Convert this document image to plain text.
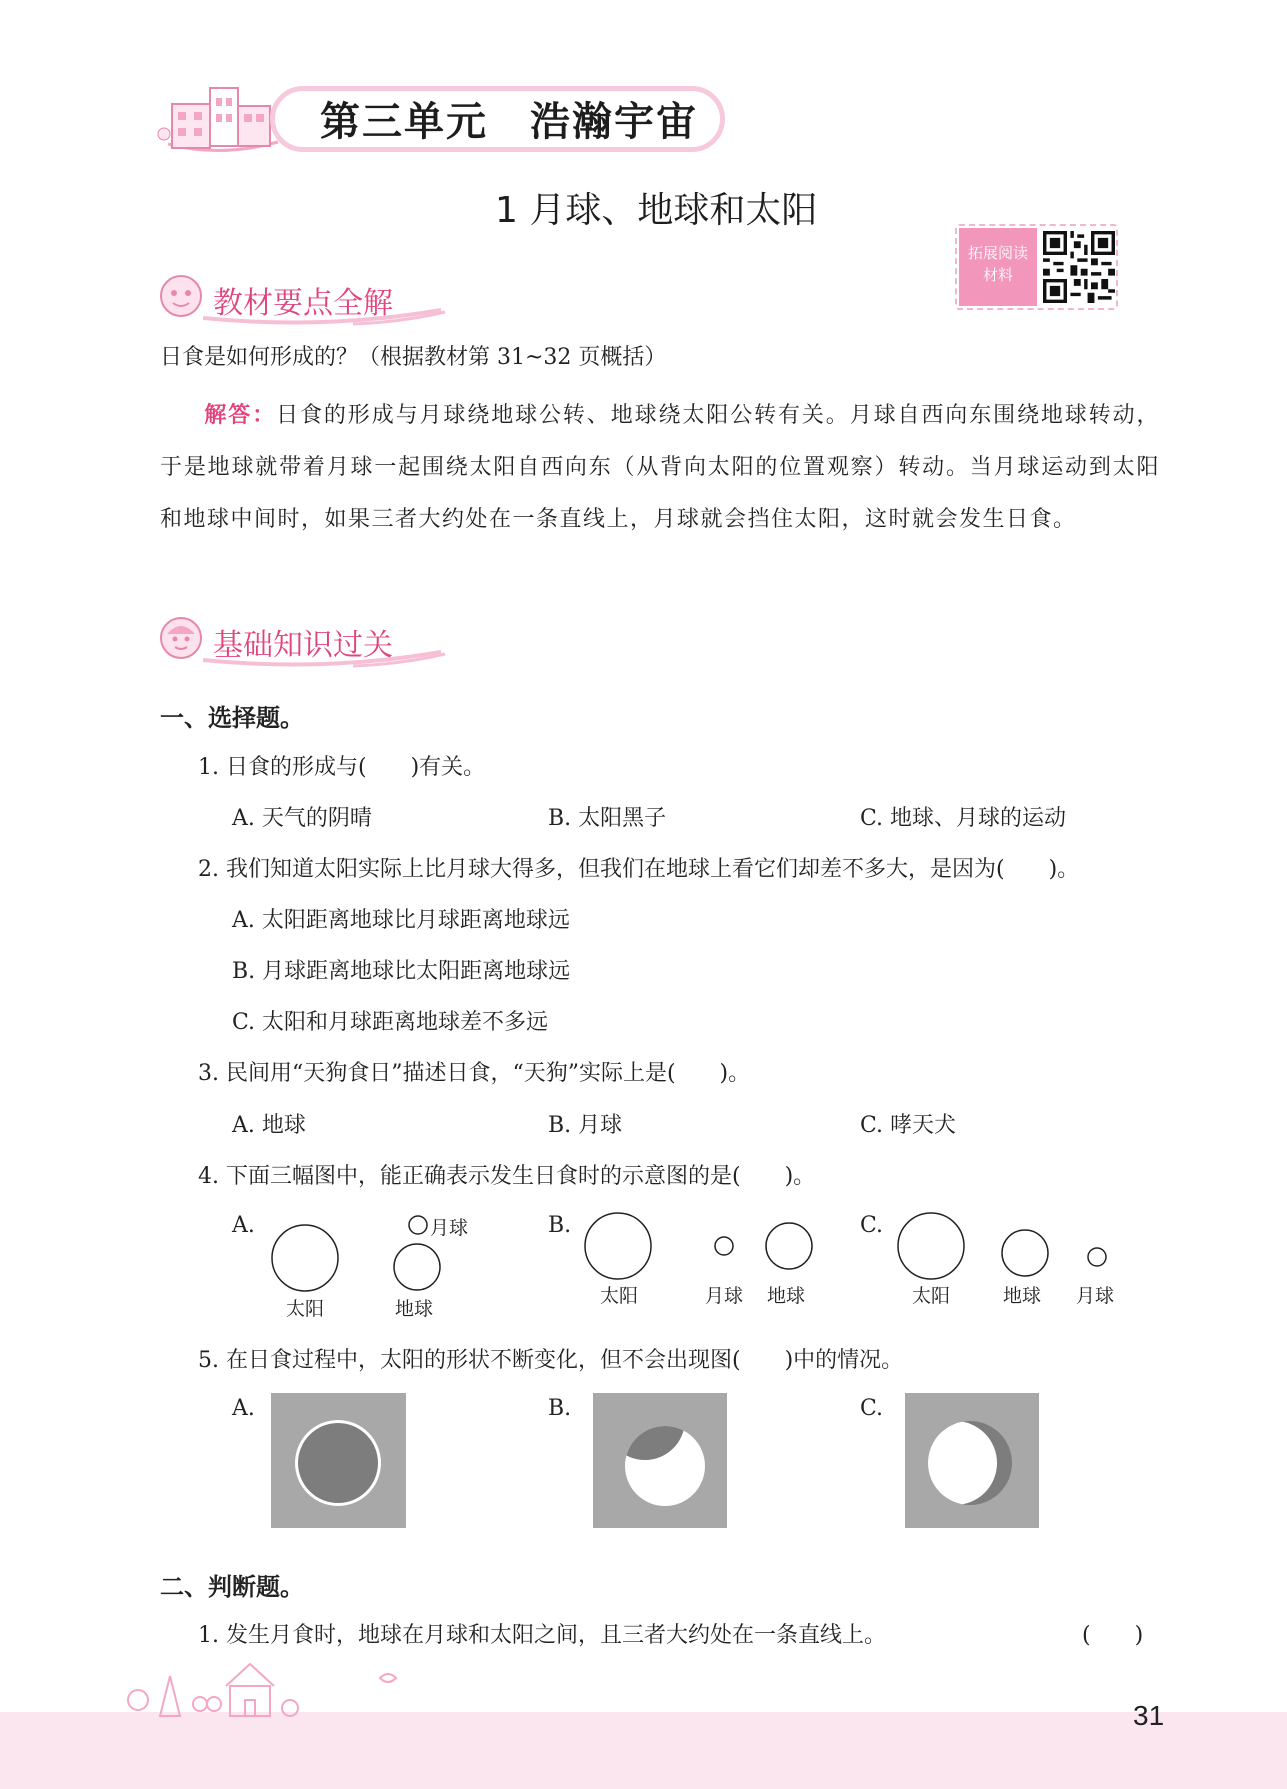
第三单元　浩瀚宇宙
1 月球、地球和太阳
拓展阅读
材料
教材要点全解
日食是如何形成的？（根据教材第 31~32 页概括）
解答：日食的形成与月球绕地球公转、地球绕太阳公转有关。月球自西向东围绕地球转动，于是地球就带着月球一起围绕太阳自西向东（从背向太阳的位置观察）转动。当月球运动到太阳和地球中间时，如果三者大约处在一条直线上，月球就会挡住太阳，这时就会发生日食。
基础知识过关
一、选择题。
1. 日食的形成与(　　)有关。
A. 天气的阴晴	B. 太阳黑子	C. 地球、月球的运动
2. 我们知道太阳实际上比月球大得多，但我们在地球上看它们却差不多大，是因为(　　)。
A. 太阳距离地球比月球距离地球远
B. 月球距离地球比太阳距离地球远
C. 太阳和月球距离地球差不多远
3. 民间用“天狗食日”描述日食，“天狗”实际上是(　　)。
A. 地球	B. 月球	C. 哮天犬
4. 下面三幅图中，能正确表示发生日食时的示意图的是(　　)。
A.	B.	C.
太阳	地球
月球
太阳	月球 地球	太阳	地球 月球
5. 在日食过程中，太阳的形状不断变化，但不会出现图(　　)中的情况。
A.	B.	C.
二、判断题。
1. 发生月食时，地球在月球和太阳之间，且三者大约处在一条直线上。	(　　)
31
